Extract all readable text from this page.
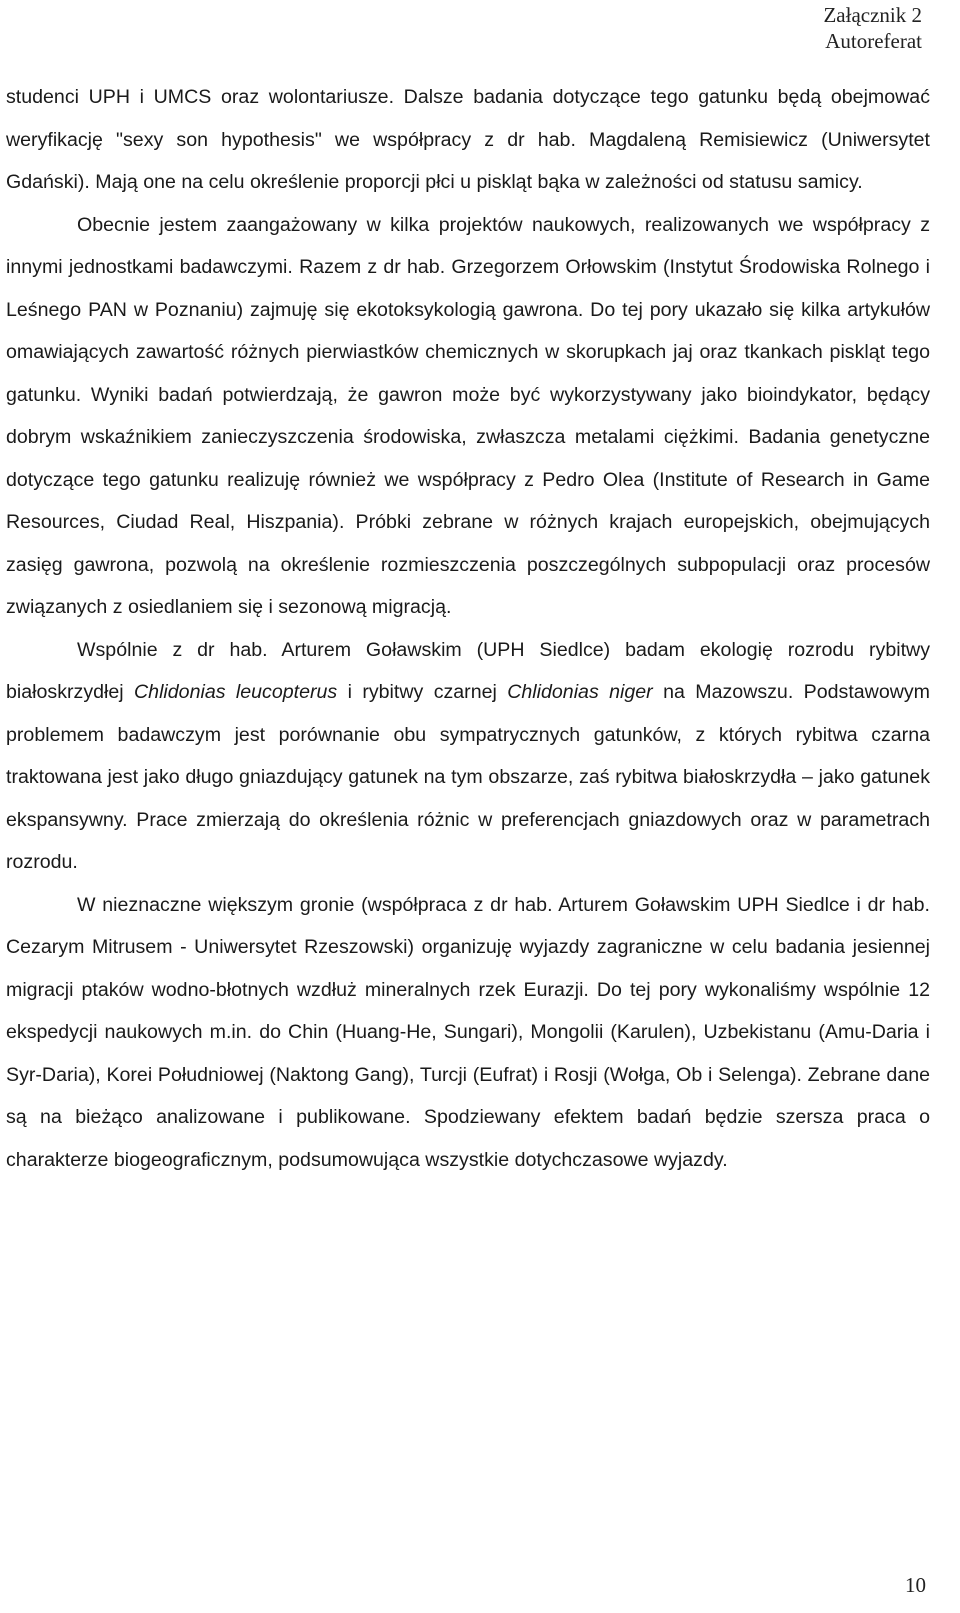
Załącznik 2
Autoreferat

studenci UPH i UMCS oraz wolontariusze. Dalsze badania dotyczące tego gatunku będą obejmować weryfikację "sexy son hypothesis" we współpracy z dr hab. Magdaleną Remisiewicz (Uniwersytet Gdański). Mają one na celu określenie proporcji płci u piskląt bąka w zależności od statusu samicy.

Obecnie jestem zaangażowany w kilka projektów naukowych, realizowanych we współpracy z innymi jednostkami badawczymi. Razem z dr hab. Grzegorzem Orłowskim (Instytut Środowiska Rolnego i Leśnego PAN w Poznaniu) zajmuję się ekotoksykologią gawrona. Do tej pory ukazało się kilka artykułów omawiających zawartość różnych pierwiastków chemicznych w skorupkach jaj oraz tkankach piskląt tego gatunku. Wyniki badań potwierdzają, że gawron może być wykorzystywany jako bioindykator, będący dobrym wskaźnikiem zanieczyszczenia środowiska, zwłaszcza metalami ciężkimi. Badania genetyczne dotyczące tego gatunku realizuję również we współpracy z Pedro Olea (Institute of Research in Game Resources, Ciudad Real, Hiszpania). Próbki zebrane w różnych krajach europejskich, obejmujących zasięg gawrona, pozwolą na określenie rozmieszczenia poszczególnych subpopulacji oraz procesów związanych z osiedlaniem się i sezonową migracją.

Wspólnie z dr hab. Arturem Goławskim (UPH Siedlce) badam ekologię rozrodu rybitwy białoskrzydłej Chlidonias leucopterus i rybitwy czarnej Chlidonias niger na Mazowszu. Podstawowym problemem badawczym jest porównanie obu sympatrycznych gatunków, z których rybitwa czarna traktowana jest jako długo gniazdujący gatunek na tym obszarze, zaś rybitwa białoskrzydła – jako gatunek ekspansywny. Prace zmierzają do określenia różnic w preferencjach gniazdowych oraz w parametrach rozrodu.

W nieznaczne większym gronie (współpraca z dr hab. Arturem Goławskim UPH Siedlce i dr hab. Cezarym Mitrusem - Uniwersytet Rzeszowski) organizuję wyjazdy zagraniczne w celu badania jesiennej migracji ptaków wodno-błotnych wzdłuż mineralnych rzek Eurazji. Do tej pory wykonaliśmy wspólnie 12 ekspedycji naukowych m.in. do Chin (Huang-He, Sungari), Mongolii (Karulen), Uzbekistanu (Amu-Daria i Syr-Daria), Korei Południowej (Naktong Gang), Turcji (Eufrat) i Rosji (Wołga, Ob i Selenga). Zebrane dane są na bieżąco analizowane i publikowane. Spodziewany efektem badań będzie szersza praca o charakterze biogeograficznym, podsumowująca wszystkie dotychczasowe wyjazdy.

10
